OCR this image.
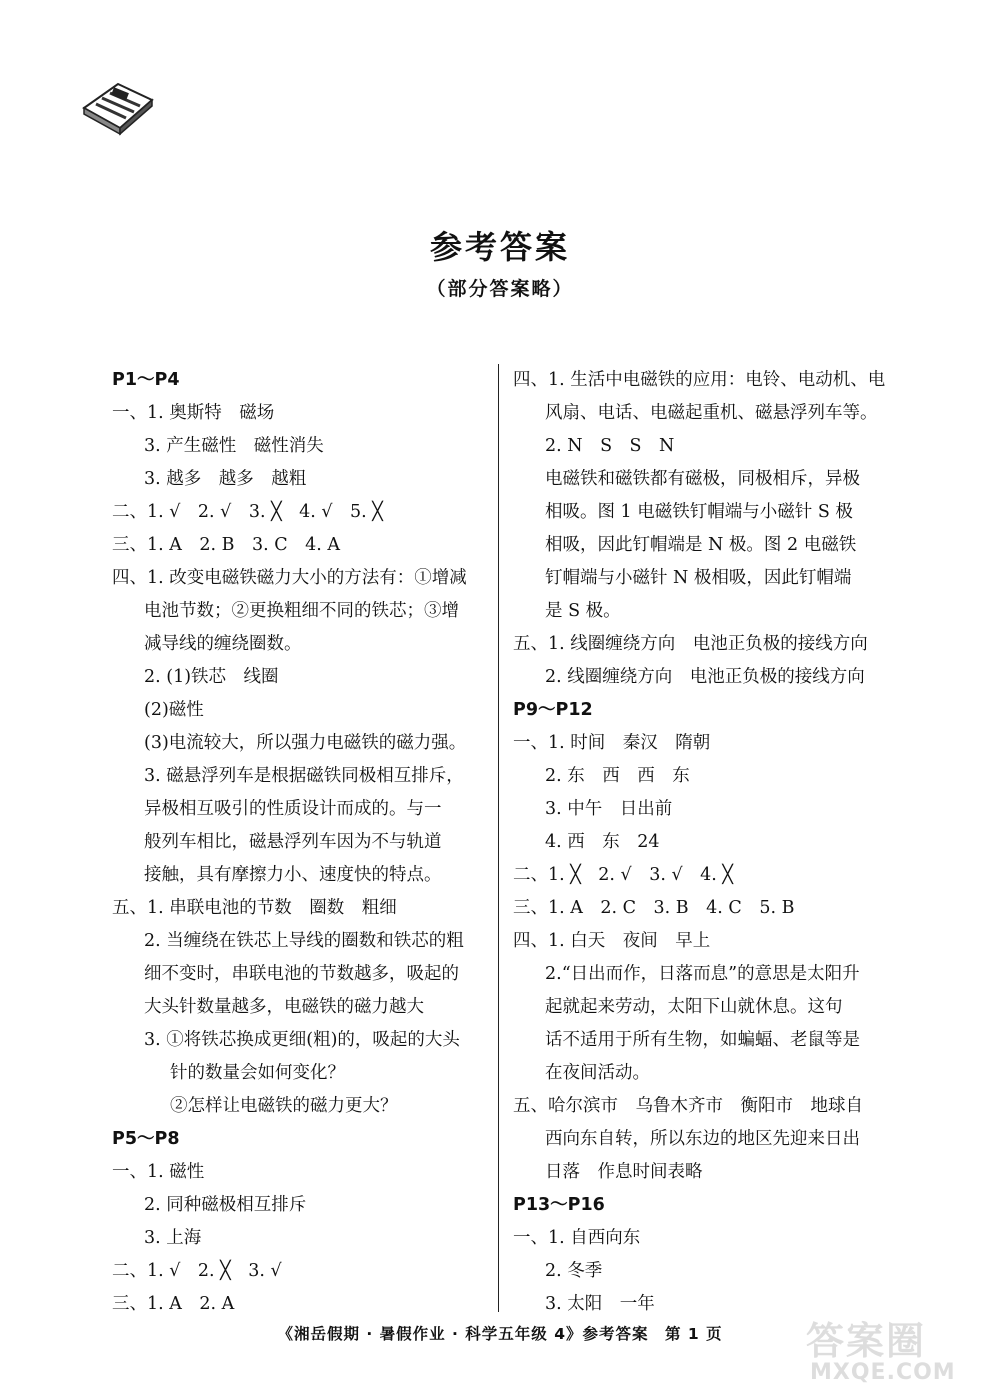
参考答案
（部分答案略）
P1～P4
一、1. 奥斯特　磁场
3. 产生磁性　磁性消失
3. 越多　越多　越粗
二、1. √　2. √　3. ╳　4. √　5. ╳
三、1. A　2. B　3. C　4. A
四、1. 改变电磁铁磁力大小的方法有：①增减
电池节数；②更换粗细不同的铁芯；③增
减导线的缠绕圈数。
2. (1)铁芯　线圈
(2)磁性
(3)电流较大，所以强力电磁铁的磁力强。
3. 磁悬浮列车是根据磁铁同极相互排斥，
异极相互吸引的性质设计而成的。与一
般列车相比，磁悬浮列车因为不与轨道
接触，具有摩擦力小、速度快的特点。
五、1. 串联电池的节数　圈数　粗细
2. 当缠绕在铁芯上导线的圈数和铁芯的粗
细不变时，串联电池的节数越多，吸起的
大头针数量越多，电磁铁的磁力越大
3. ①将铁芯换成更细(粗)的，吸起的大头
针的数量会如何变化？
②怎样让电磁铁的磁力更大？
P5～P8
一、1. 磁性
2. 同种磁极相互排斥
3. 上海
二、1. √　2. ╳　3. √
三、1. A　2. A
四、1. 生活中电磁铁的应用：电铃、电动机、电
风扇、电话、电磁起重机、磁悬浮列车等。
2. N　S　S　N
电磁铁和磁铁都有磁极，同极相斥，异极
相吸。图 1 电磁铁钉帽端与小磁针 S 极
相吸，因此钉帽端是 N 极。图 2 电磁铁
钉帽端与小磁针 N 极相吸，因此钉帽端
是 S 极。
五、1. 线圈缠绕方向　电池正负极的接线方向
2. 线圈缠绕方向　电池正负极的接线方向
P9～P12
一、1. 时间　秦汉　隋朝
2. 东　西　西　东
3. 中午　日出前
4. 西　东　24
二、1. ╳　2. √　3. √　4. ╳
三、1. A　2. C　3. B　4. C　5. B
四、1. 白天　夜间　早上
2.“日出而作，日落而息”的意思是太阳升
起就起来劳动，太阳下山就休息。这句
话不适用于所有生物，如蝙蝠、老鼠等是
在夜间活动。
五、哈尔滨市　乌鲁木齐市　衡阳市　地球自
西向东自转，所以东边的地区先迎来日出
日落　作息时间表略
P13～P16
一、1. 自西向东
2. 冬季
3. 太阳　一年
《湘岳假期 · 暑假作业 · 科学五年级 4》参考答案　第 1 页	答案圈
MXQE.COM
